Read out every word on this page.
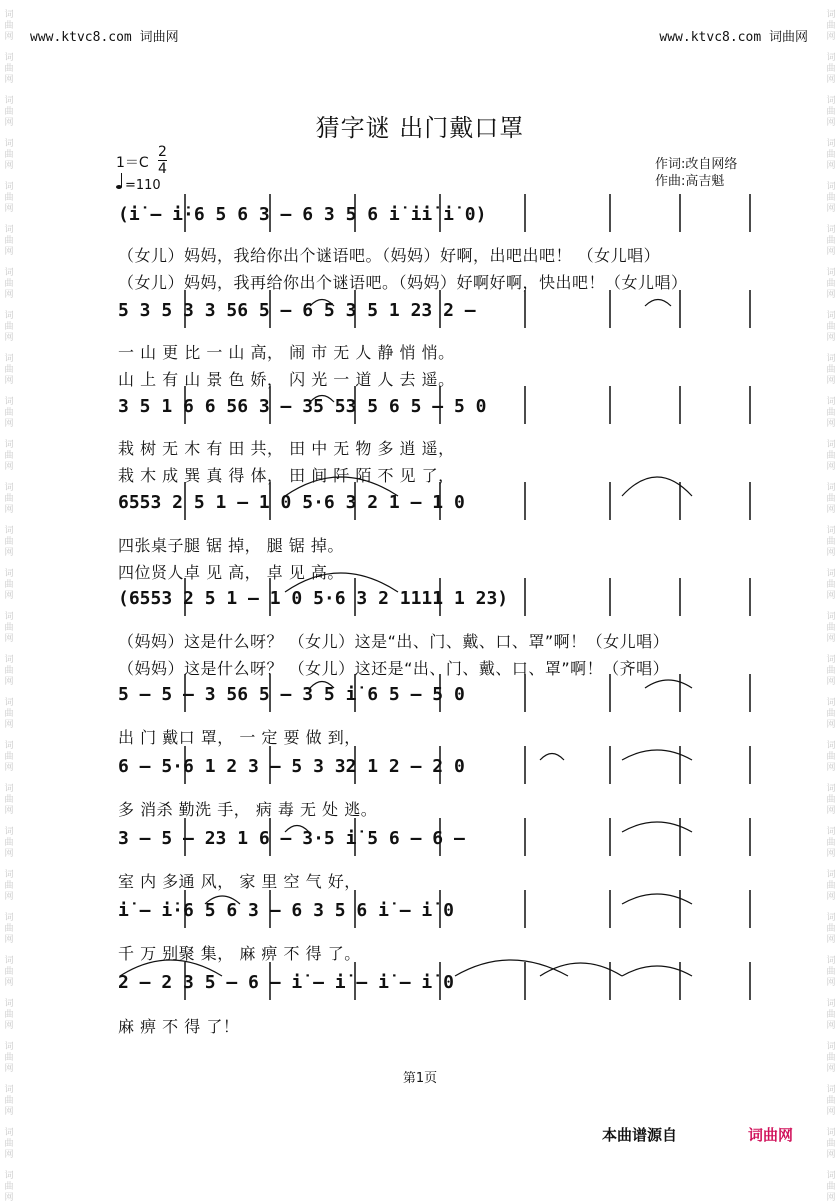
词
曲
网
词
曲
网
词
曲
网
词
曲
网
词
曲
网
词
曲
网
词
曲
网
词
曲
网
词
曲
网
词
曲
网
词
曲
网
词
曲
网
词
曲
网
词
曲
网
词
曲
网
词
曲
网
词
曲
网
词
曲
网
词
曲
网
词
曲
网
词
曲
网
词
曲
网
词
曲
网
词
曲
网
词
曲
网
词
曲
网
词
曲
网
词
曲
网
词
曲
网
词
曲
网
词
曲
网
词
曲
网
词
曲
网
词
曲
网
词
曲
网
词
曲
网
词
曲
网
词
曲
网
词
曲
网
词
曲
网
词
曲
网
词
曲
网
词
曲
网
词
曲
网
词
曲
网
词
曲
网
词
曲
网
词
曲
网
词
曲
网
词
曲
网
词
曲
网
词
曲
网
词
曲
网
词
曲
网
词
曲
网
词
曲
网
www.ktvc8.com 词曲网	www.ktvc8.com 词曲网
猜字谜 出门戴口罩
$1=C \frac{2}{4}$
=110
作词:改自网络
作曲:高吉魁
(i̇ – i̇·6 5 6 3 – 6 3 5 6 i̇ i̇i̇ i̇ 0)
5 3 5 3 3 56 5 – 6 5 3 5 1 23 2 –
3 5 1 6 6 56 3 – 35 53 5 6 5 – 5 0
6553 2 5 1 – 1 0 5·6 3 2 1 – 1 0
(6553 2 5 1 – 1 0 5·6 3 2 1111 1 23)
5 – 5 – 3 56 5 – 3 5 i̇ 6 5 – 5 0
6 – 5·6 1 2 3 – 5 3 32 1 2 – 2 0
3 – 5 – 23 1 6 – 3·5 i̇ 5 6 – 6 –
i̇ – i̇·6 5 6 3 – 6 3 5 6 i̇ – i̇ 0
2 – 2 3 5 – 6 – i̇ – i̇ – i̇ – i̇ 0
（女儿）妈妈，我给你出个谜语吧。（妈妈）好啊，出吧出吧！ （女儿唱）
（女儿）妈妈，我再给你出个谜语吧。（妈妈）好啊好啊，快出吧！（女儿唱）
一 山 更 比 一 山 高， 闹 市 无 人 静 悄 悄。
山 上 有 山 景 色 娇， 闪 光 一 道 人 去 遥。
栽 树 无 木 有 田 共， 田 中 无 物 多 逍 遥，
栽 木 成 巽 真 得 体， 田 间 阡 陌 不 见 了，
四张桌子腿 锯 掉， 腿 锯 掉。
四位贤人卓 见 高， 卓 见 高。
（妈妈）这是什么呀？ （女儿）这是“出、门、戴、口、罩”啊！（女儿唱）
（妈妈）这是什么呀？ （女儿）这还是“出、门、戴、口、罩”啊！（齐唱）
出 门 戴口 罩， 一 定 要 做 到，
多 消杀 勤洗 手， 病 毒 无 处 逃。
室 内 多通 风， 家 里 空 气 好，
千 万 别聚 集， 麻 痹 不 得 了。
麻 痹 不 得 了！
第1页
本曲谱源自	词曲网
